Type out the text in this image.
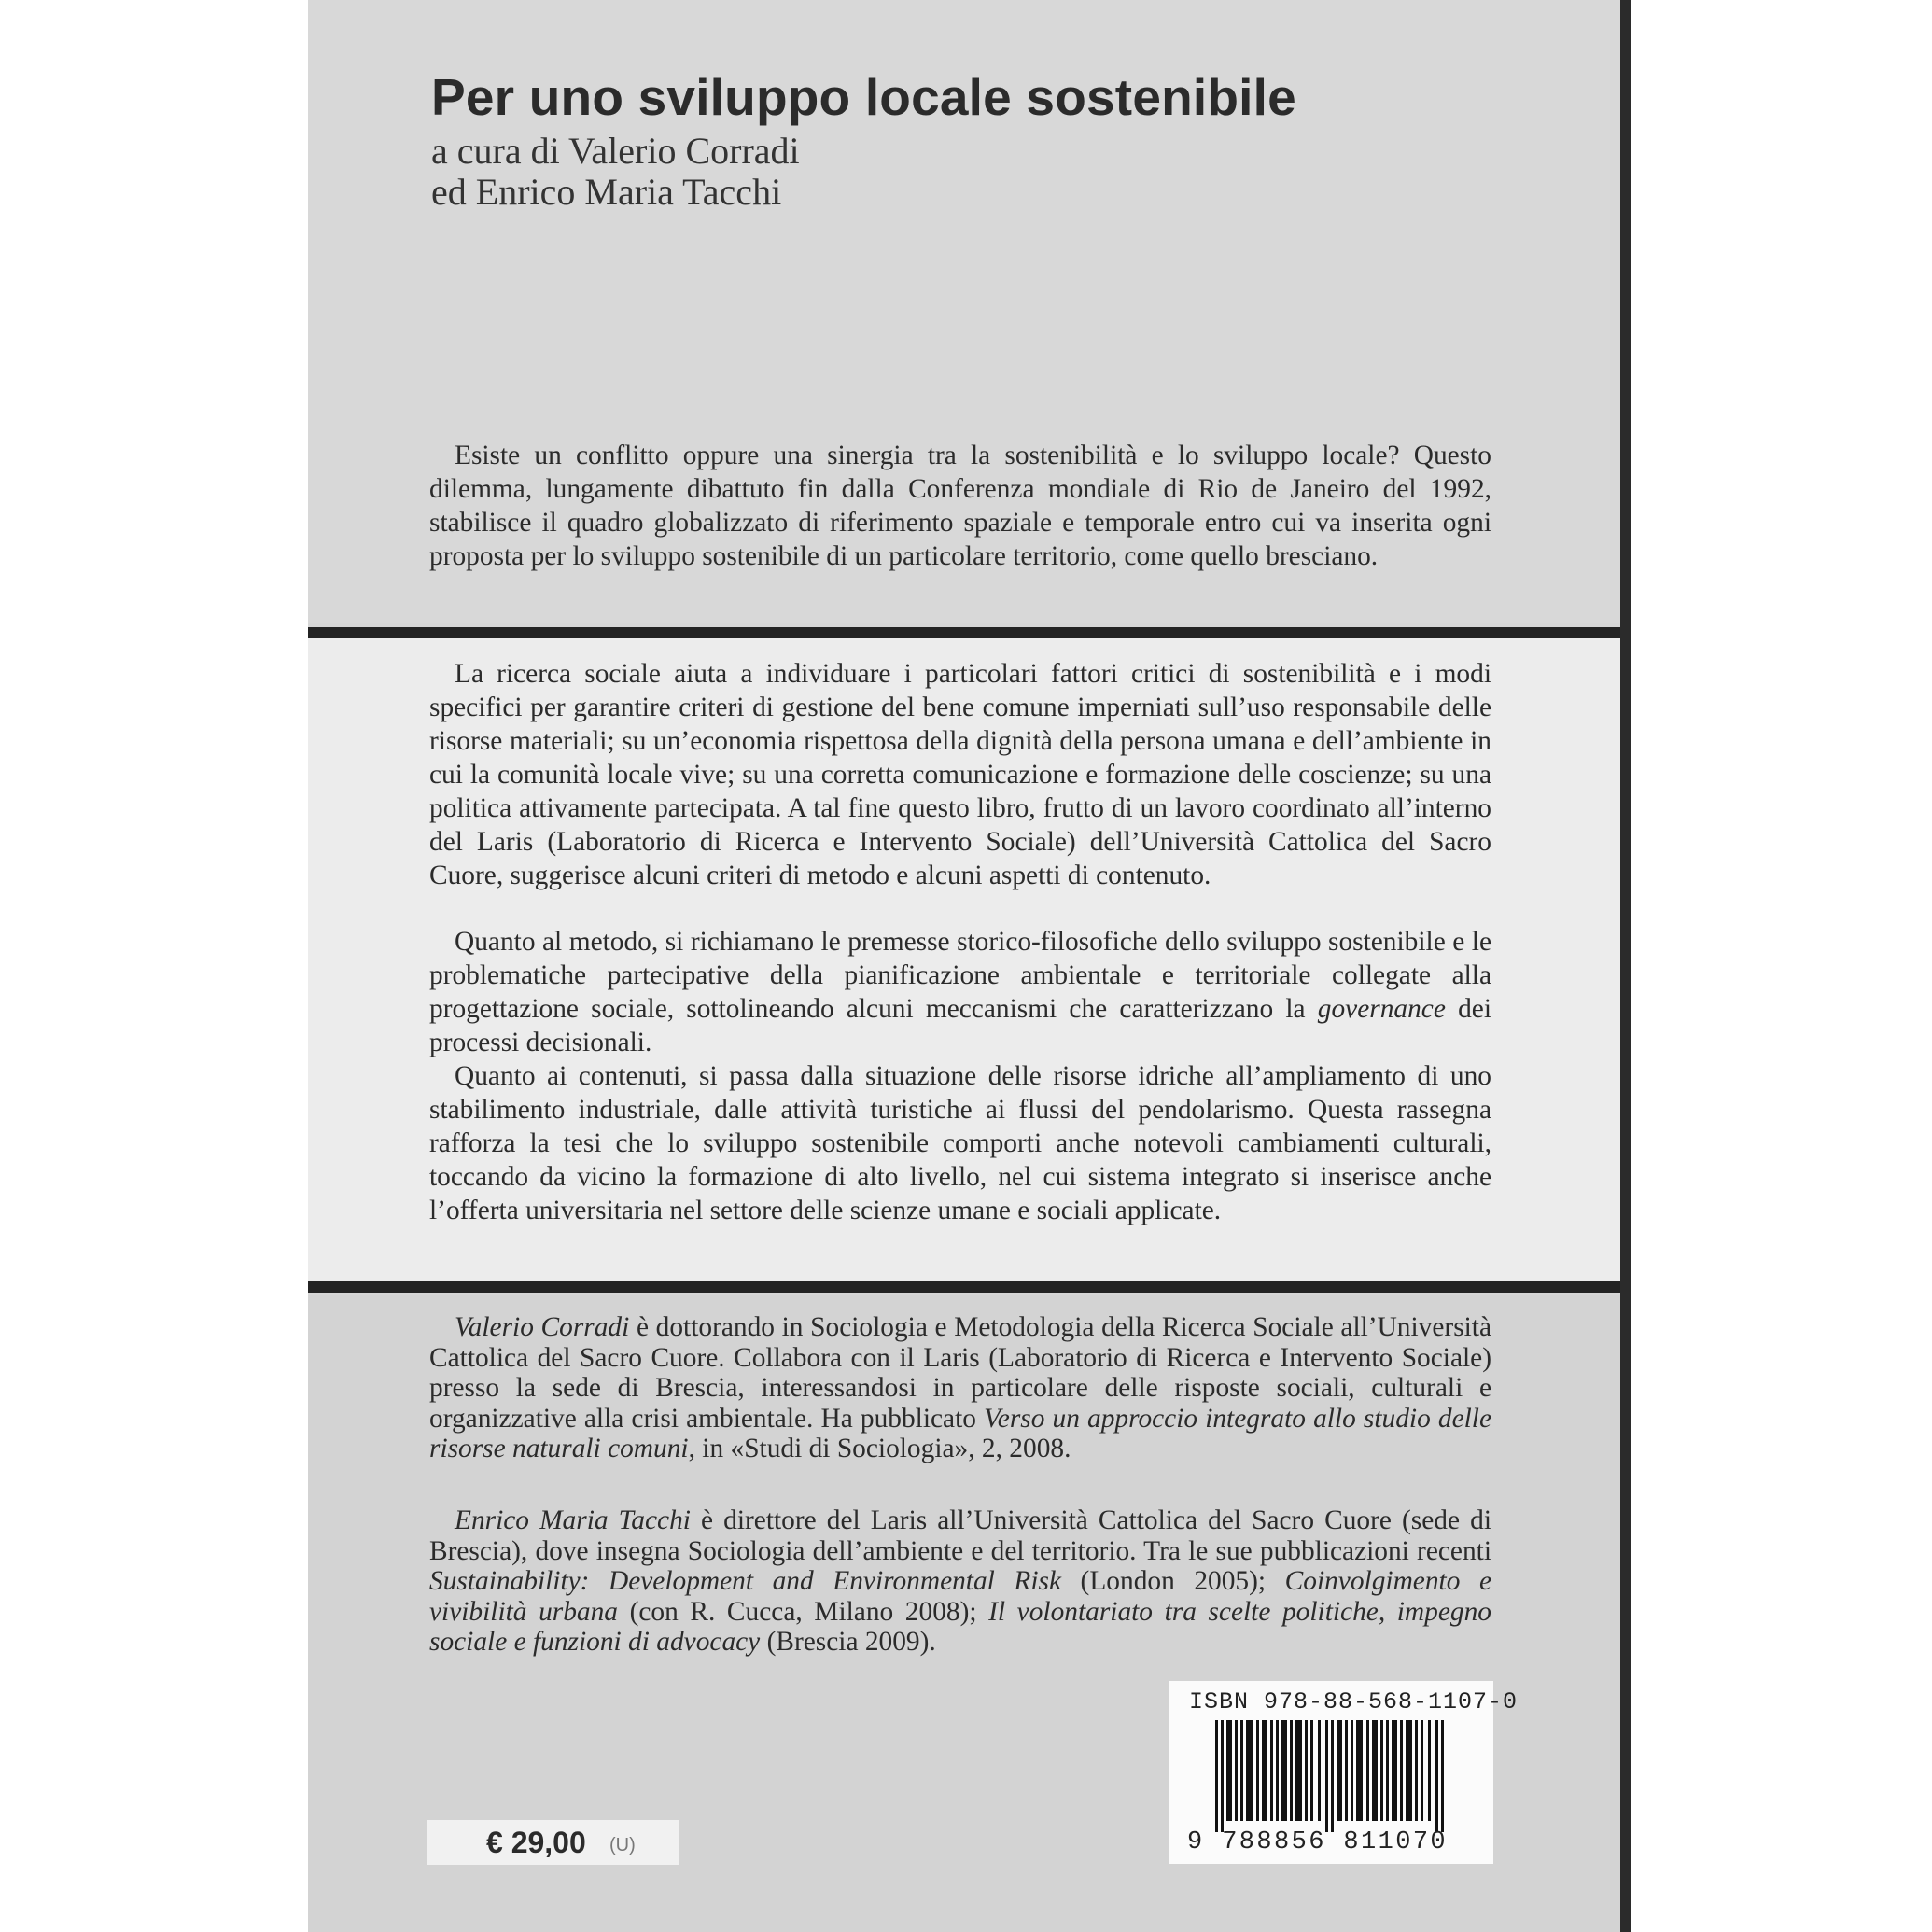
Per uno sviluppo locale sostenibile
a cura di Valerio Corradi
ed Enrico Maria Tacchi

Esiste un conflitto oppure una sinergia tra la sostenibilità e lo sviluppo locale? Questo dilemma, lungamente dibattuto fin dalla Conferenza mondiale di Rio de Janeiro del 1992, stabilisce il quadro globalizzato di riferimento spaziale e temporale entro cui va inserita ogni proposta per lo sviluppo sostenibile di un particolare territorio, come quello bresciano.

La ricerca sociale aiuta a individuare i particolari fattori critici di sostenibilità e i modi specifici per garantire criteri di gestione del bene comune imperniati sull’uso responsabile delle risorse materiali; su un’economia rispettosa della dignità della persona umana e dell’ambiente in cui la comunità locale vive; su una corretta comunicazione e formazione delle coscienze; su una politica attivamente partecipata. A tal fine questo libro, frutto di un lavoro coordinato all’interno del Laris (Laboratorio di Ricerca e Intervento Sociale) dell’Università Cattolica del Sacro Cuore, suggerisce alcuni criteri di metodo e alcuni aspetti di contenuto.

Quanto al metodo, si richiamano le premesse storico-filosofiche dello sviluppo sostenibile e le problematiche partecipative della pianificazione ambientale e territoriale collegate alla progettazione sociale, sottolineando alcuni meccanismi che caratterizzano la governance dei processi decisionali.

Quanto ai contenuti, si passa dalla situazione delle risorse idriche all’ampliamento di uno stabilimento industriale, dalle attività turistiche ai flussi del pendolarismo. Questa rassegna rafforza la tesi che lo sviluppo sostenibile comporti anche notevoli cambiamenti culturali, toccando da vicino la formazione di alto livello, nel cui sistema integrato si inserisce anche l’offerta universitaria nel settore delle scienze umane e sociali applicate.

Valerio Corradi è dottorando in Sociologia e Metodologia della Ricerca Sociale all’Università Cattolica del Sacro Cuore. Collabora con il Laris (Laboratorio di Ricerca e Intervento Sociale) presso la sede di Brescia, interessandosi in particolare delle risposte sociali, culturali e organizzative alla crisi ambientale. Ha pubblicato Verso un approccio integrato allo studio delle risorse naturali comuni, in «Studi di Sociologia», 2, 2008.

Enrico Maria Tacchi è direttore del Laris all’Università Cattolica del Sacro Cuore (sede di Brescia), dove insegna Sociologia dell’ambiente e del territorio. Tra le sue pubblicazioni recenti Sustainability: Development and Environmental Risk (London 2005); Coinvolgimento e vivibilità urbana (con R. Cucca, Milano 2008); Il volontariato tra scelte politiche, impegno sociale e funzioni di advocacy (Brescia 2009).

€ 29,00 (U)
ISBN 978-88-568-1107-0
9 788856 811070
